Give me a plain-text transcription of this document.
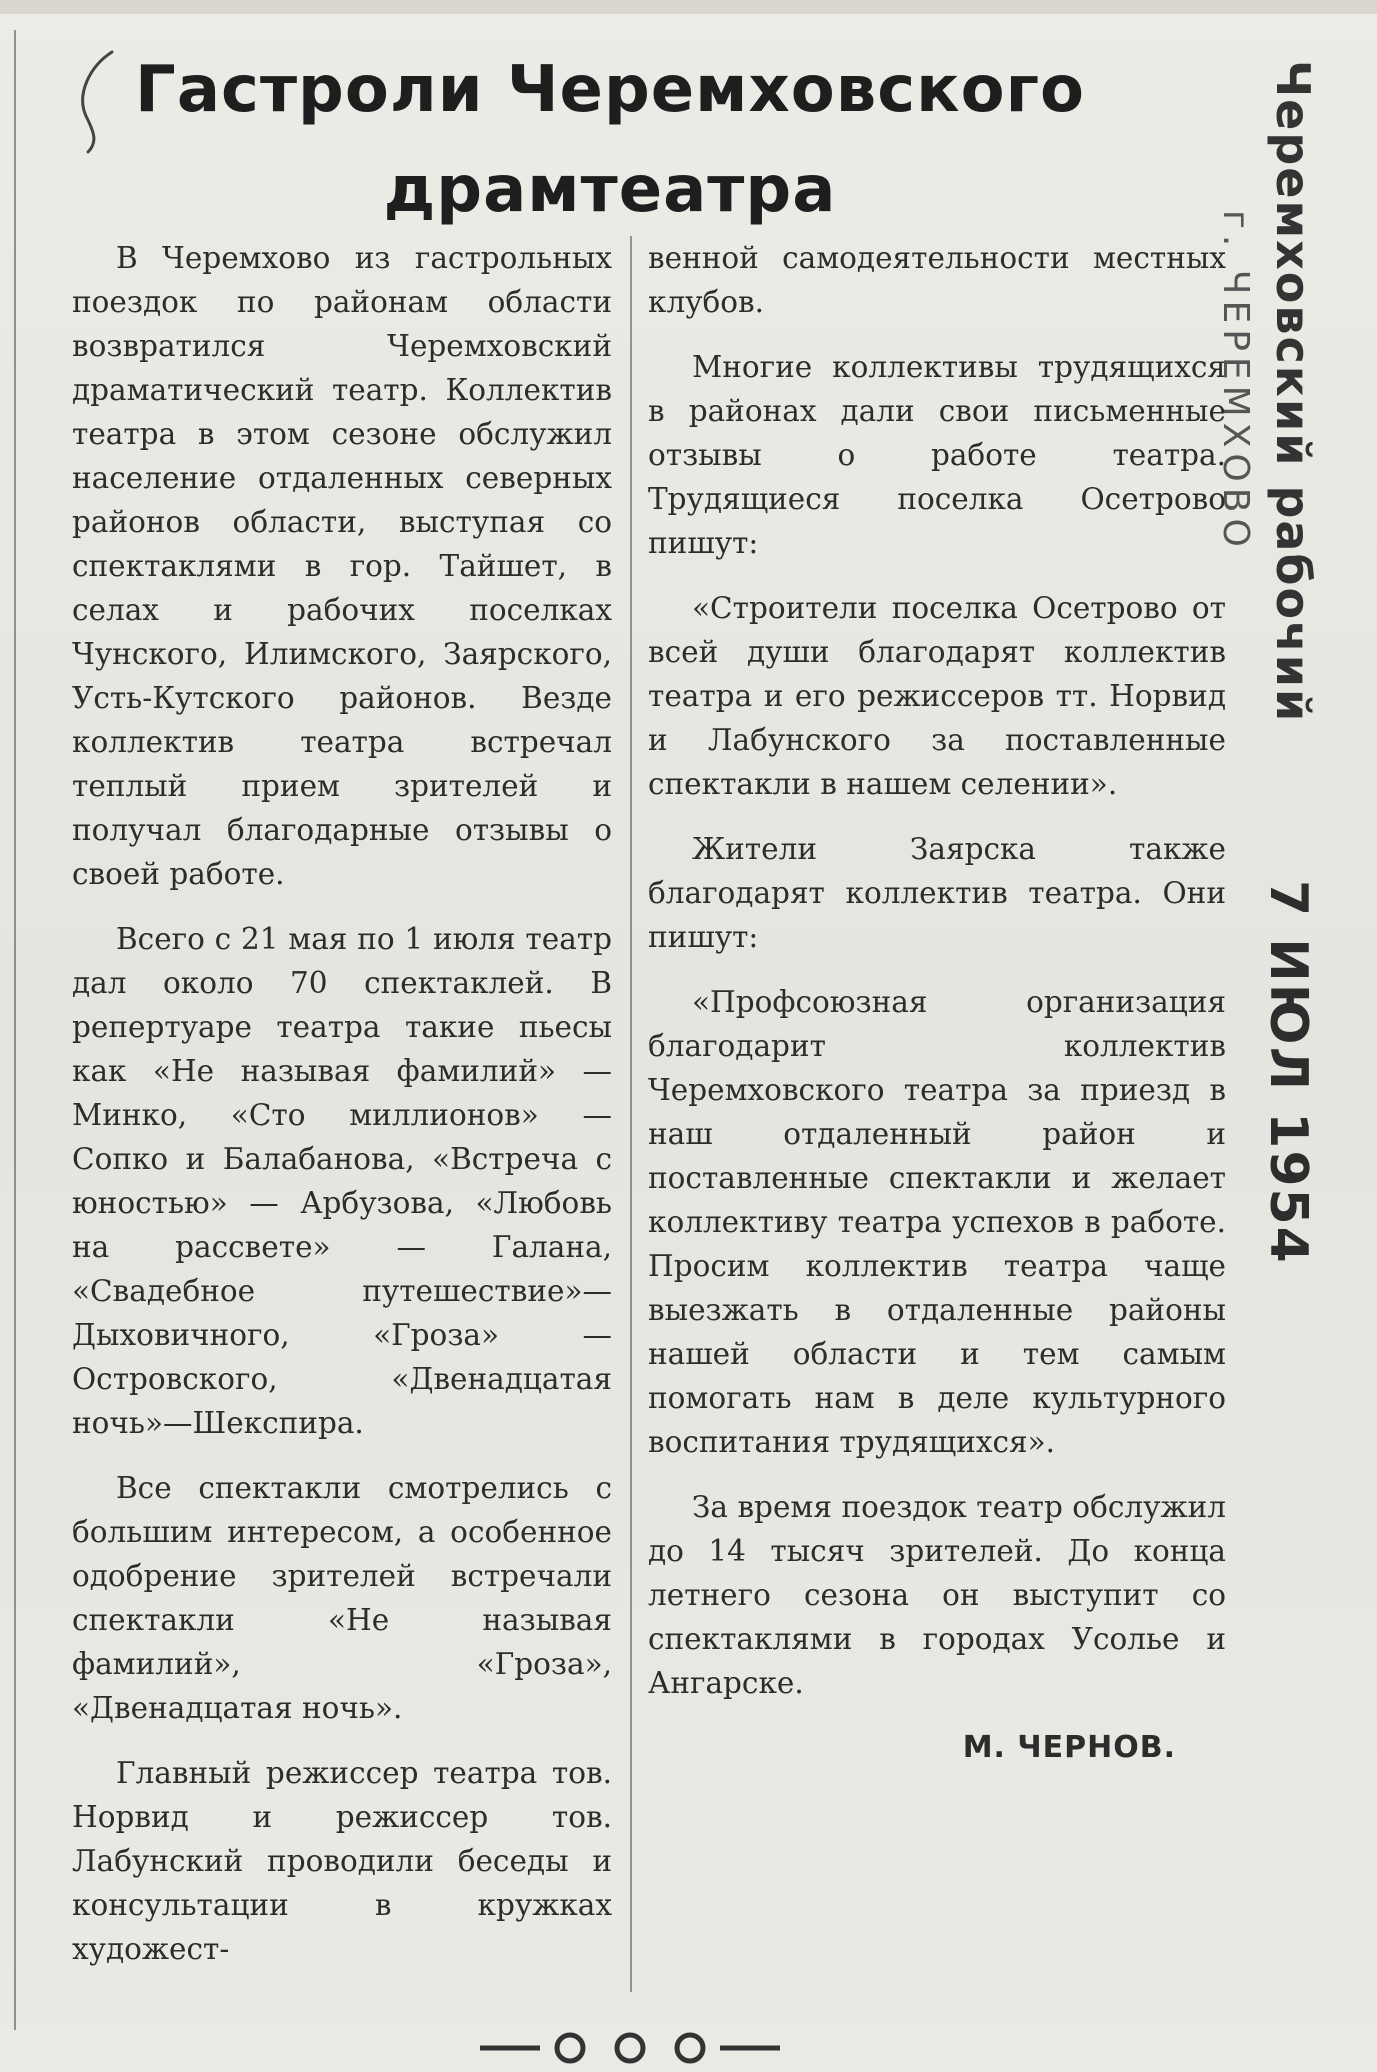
Гастроли Черемховского
драмтеатра

В Черемхово из гастрольных поездок по районам области возвратился Черемховский драматический театр. Коллектив театра в этом сезоне обслужил население отдаленных северных районов области, выступая со спектаклями в гор. Тайшет, в селах и рабочих поселках Чунского, Илимского, Заярского, Усть-Кутского районов. Везде коллектив театра встречал теплый прием зрителей и получал благодарные отзывы о своей работе.

Всего с 21 мая по 1 июля театр дал около 70 спектаклей. В репертуаре театра такие пьесы как «Не называя фамилий» — Минко, «Сто миллионов» — Сопко и Балабанова, «Встреча с юностью» — Арбузова, «Любовь на рассвете» — Галана, «Свадебное путешествие»—Дыховичного, «Гроза» — Островского, «Двенадцатая ночь»—Шекспира.

Все спектакли смотрелись с большим интересом, а особенное одобрение зрителей встречали спектакли «Не называя фамилий», «Гроза», «Двенадцатая ночь».

Главный режиссер театра тов. Норвид и режиссер тов. Лабунский проводили беседы и консультации в кружках художест-

венной самодеятельности местных клубов.

Многие коллективы трудящихся в районах дали свои письменные отзывы о работе театра. Трудящиеся поселка Осетрово пишут:

«Строители поселка Осетрово от всей души благодарят коллектив театра и его режиссеров тт. Норвид и Лабунского за поставленные спектакли в нашем селении».

Жители Заярска также благодарят коллектив театра. Они пишут:

«Профсоюзная организация благодарит коллектив Черемховского театра за приезд в наш отдаленный район и поставленные спектакли и желает коллективу театра успехов в работе. Просим коллектив театра чаще выезжать в отдаленные районы нашей области и тем самым помогать нам в деле культурного воспитания трудящихся».

За время поездок театр обслужил до 14 тысяч зрителей. До конца летнего сезона он выступит со спектаклями в городах Усолье и Ангарске.

М. ЧЕРНОВ.
Черемховский рабочий
г. ЧЕРЕМХОВО
7 ИЮЛ 1954
